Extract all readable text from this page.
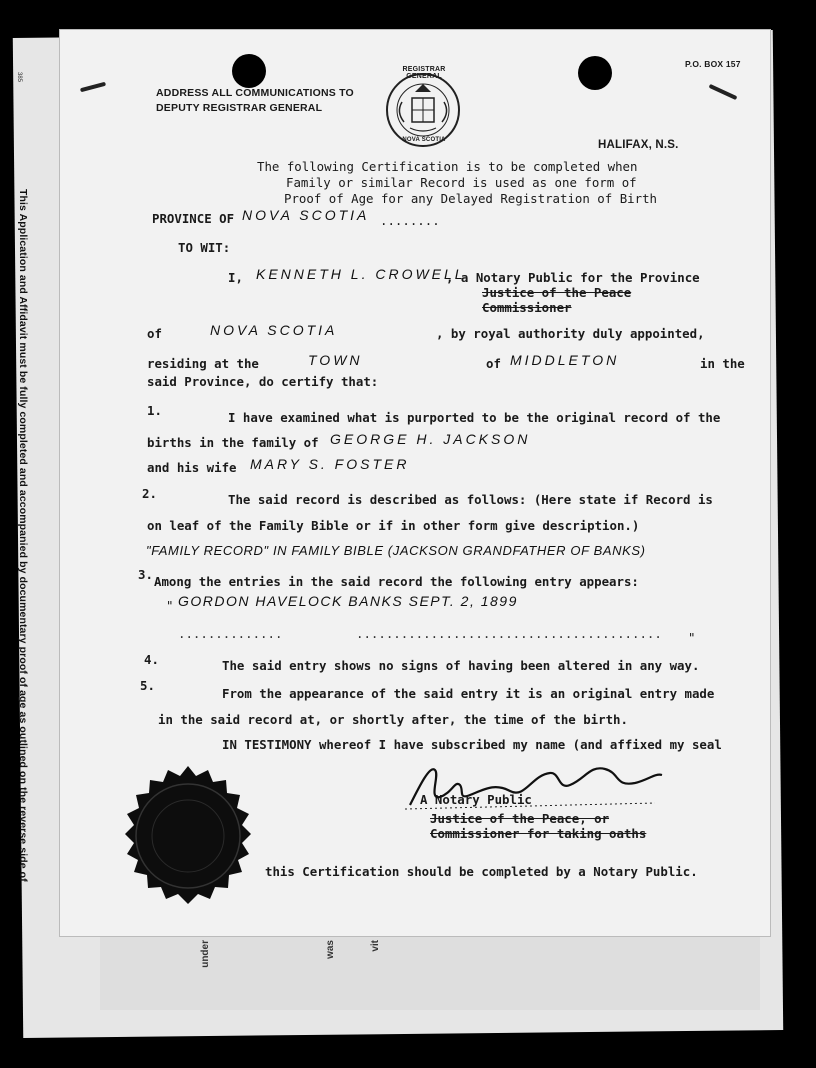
under	was	vit
385
This Application and Affidavit must be fully completed and accompanied by documentary proof of age as outlined on the reverse side of
REGISTRAR GENERAL
NOVA SCOTIA
ADDRESS ALL COMMUNICATIONS TO
DEPUTY REGISTRAR GENERAL
P.O. BOX 157
HALIFAX, N.S.
The following Certification is to be completed when
Family or similar Record is used as one form of
Proof of Age for any Delayed Registration of Birth
PROVINCE OF NOVA SCOTIA ........
TO WIT:
I, KENNETH L. CROWELL
, a Notary Public for the Province
Justice of the Peace
Commissioner
of	NOVA SCOTIA	, by royal authority duly appointed,
residing at the	TOWN	of MIDDLETON	in the
said Province, do certify that:
1.	I have examined what is purported to be the original record of the
births in the family of GEORGE H. JACKSON
and his wife MARY S. FOSTER
2.	The said record is described as follows: (Here state if Record is
on leaf of the Family Bible or if in other form give description.)
"FAMILY RECORD" IN FAMILY BIBLE (JACKSON GRANDFATHER OF BANKS)
3. Among the entries in the said record the following entry appears:
" GORDON HAVELOCK BANKS SEPT. 2, 1899
..............	......................................... "
4.	The said entry shows no signs of having been altered in any way.
5.
From the appearance of the said entry it is an original entry made
in the said record at, or shortly after, the time of the birth.
IN TESTIMONY whereof I have subscribed my name (and affixed my seal
A Notary Public
Justice of the Peace, or
Commissioner for taking oaths
this Certification should be completed by a Notary Public.
